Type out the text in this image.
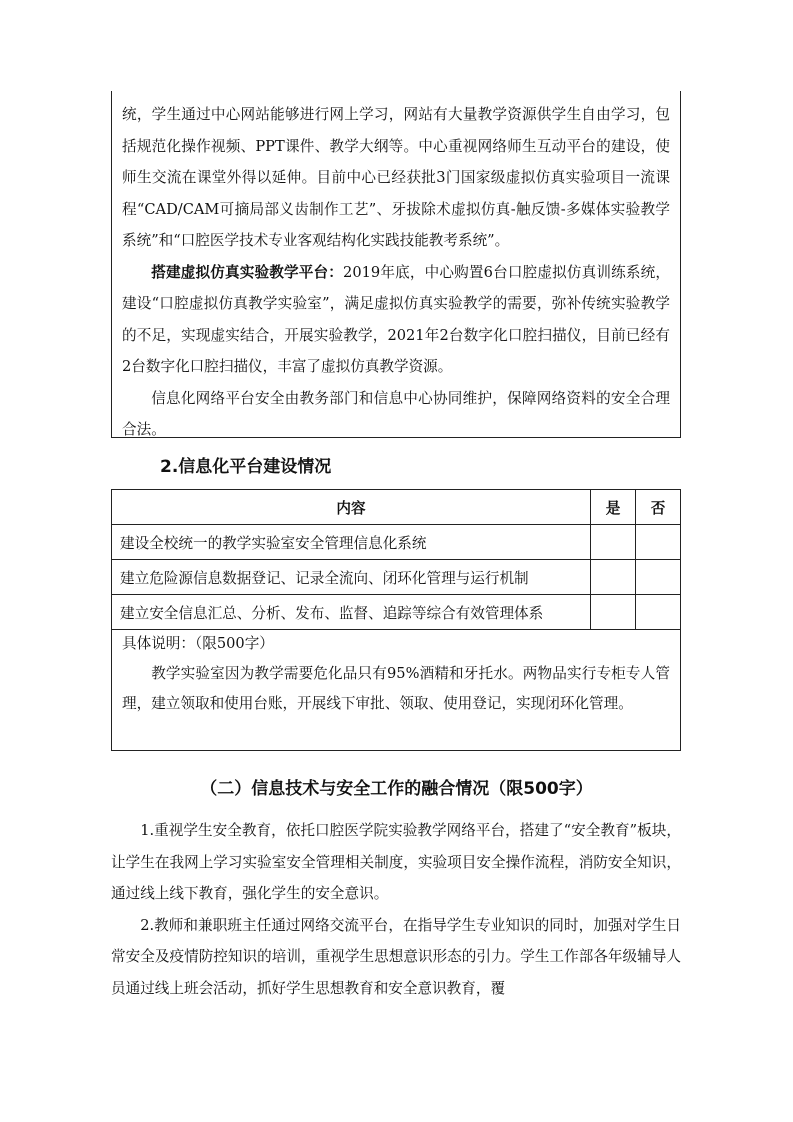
统，学生通过中心网站能够进行网上学习，网站有大量教学资源供学生自由学习，包括规范化操作视频、PPT课件、教学大纲等。中心重视网络师生互动平台的建设，使师生交流在课堂外得以延伸。目前中心已经获批3门国家级虚拟仿真实验项目一流课程“CAD/CAM可摘局部义齿制作工艺”、牙拔除术虚拟仿真-触反馈-多媒体实验教学系统”和“口腔医学技术专业客观结构化实践技能教考系统”。

搭建虚拟仿真实验教学平台：2019年底，中心购置6台口腔虚拟仿真训练系统，建设“口腔虚拟仿真教学实验室”，满足虚拟仿真实验教学的需要，弥补传统实验教学的不足，实现虚实结合，开展实验教学，2021年2台数字化口腔扫描仪，目前已经有2台数字化口腔扫描仪，丰富了虚拟仿真教学资源。

信息化网络平台安全由教务部门和信息中心协同维护，保障网络资料的安全合理合法。

2.信息化平台建设情况
内容	是	否
建设全校统一的教学实验室安全管理信息化系统		
建立危险源信息数据登记、记录全流向、闭环化管理与运行机制		
建立安全信息汇总、分析、发布、监督、追踪等综合有效管理体系		

具体说明：（限500字）

教学实验室因为教学需要危化品只有95%酒精和牙托水。两物品实行专柜专人管理，建立领取和使用台账，开展线下审批、领取、使用登记，实现闭环化管理。

（二）信息技术与安全工作的融合情况（限500字）

1.重视学生安全教育，依托口腔医学院实验教学网络平台，搭建了“安全教育”板块，让学生在我网上学习实验室安全管理相关制度，实验项目安全操作流程，消防安全知识，通过线上线下教育，强化学生的安全意识。

2.教师和兼职班主任通过网络交流平台，在指导学生专业知识的同时，加强对学生日常安全及疫情防控知识的培训，重视学生思想意识形态的引力。学生工作部各年级辅导人员通过线上班会活动，抓好学生思想教育和安全意识教育，覆
